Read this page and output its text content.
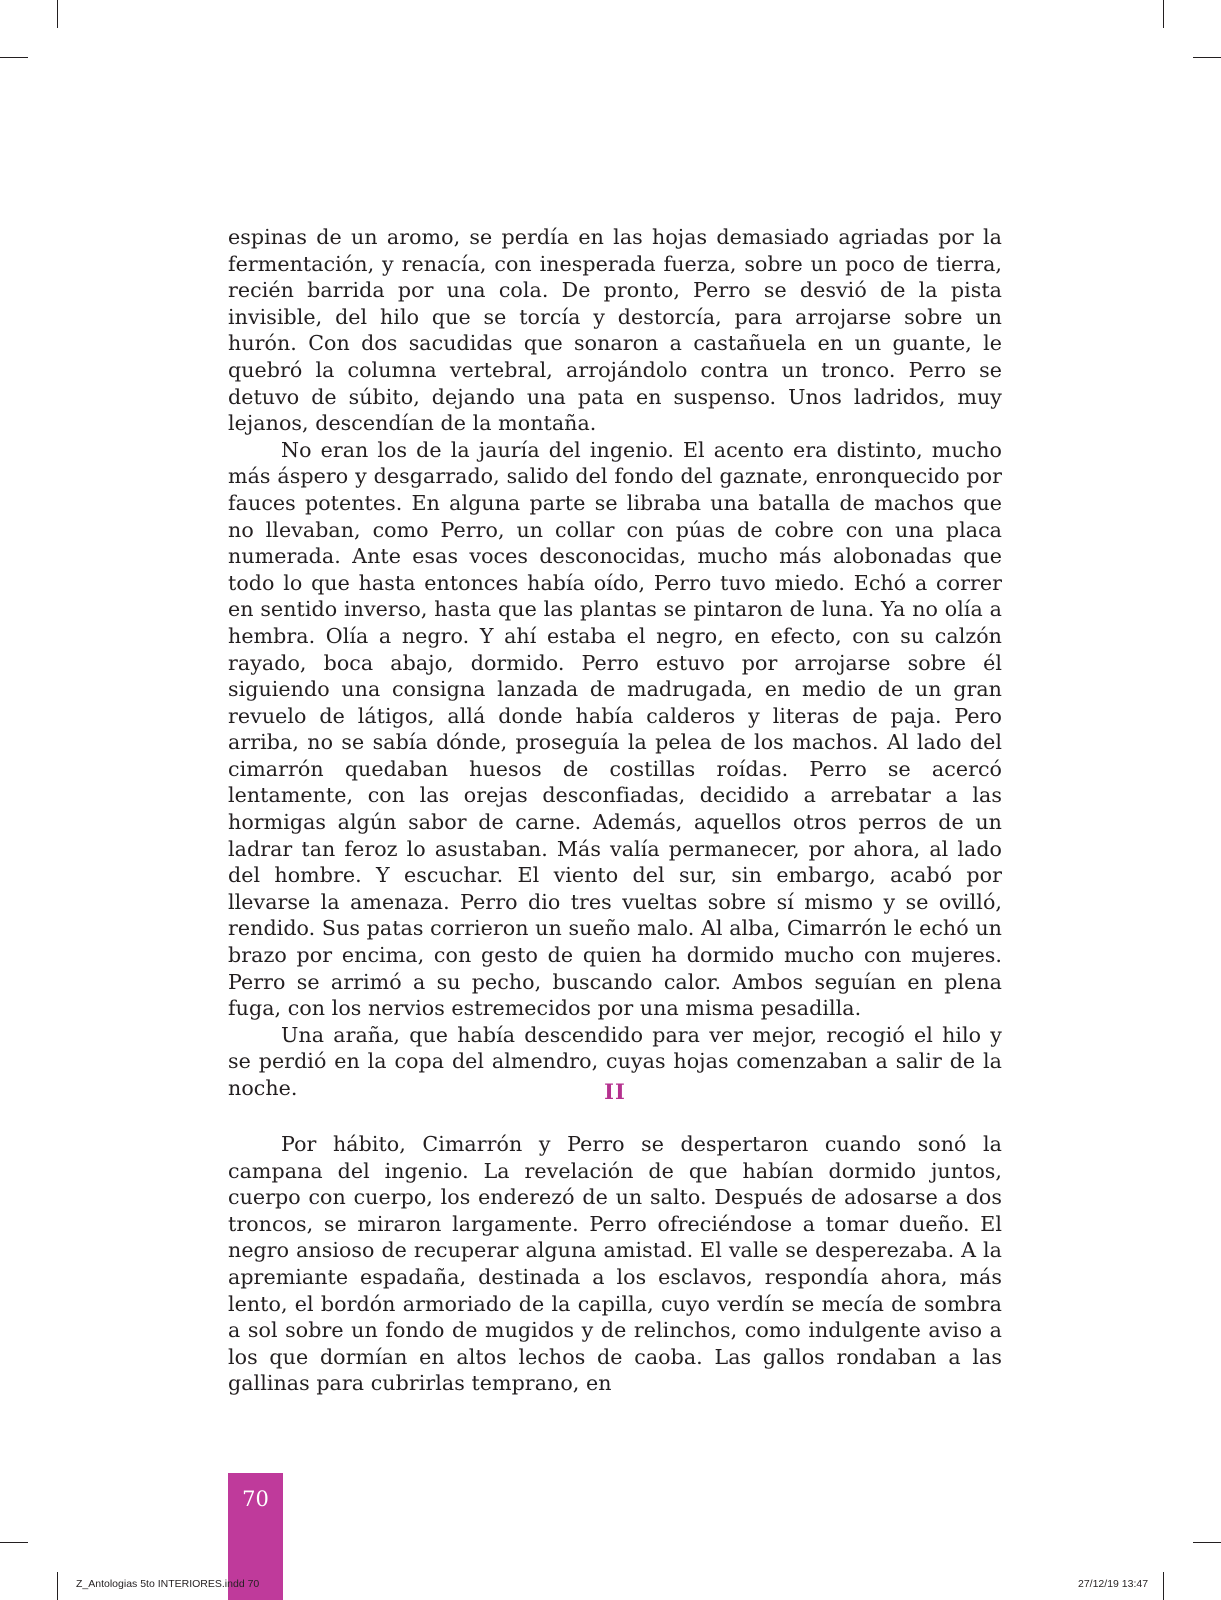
espinas de un aromo, se perdía en las hojas demasiado agriadas por la fermentación, y renacía, con inesperada fuerza, sobre un poco de tierra, recién barrida por una cola. De pronto, Perro se desvió de la pista invisible, del hilo que se torcía y destorcía, para arrojarse sobre un hurón. Con dos sacudidas que sonaron a castañuela en un guante, le quebró la columna vertebral, arrojándolo contra un tronco. Perro se detuvo de súbito, dejando una pata en suspenso. Unos ladridos, muy lejanos, descendían de la montaña.

No eran los de la jauría del ingenio. El acento era distinto, mucho más áspero y desgarrado, salido del fondo del gaznate, enronquecido por fauces potentes. En alguna parte se libraba una batalla de machos que no llevaban, como Perro, un collar con púas de cobre con una placa numerada. Ante esas voces desconocidas, mucho más alobonadas que todo lo que hasta entonces había oído, Perro tuvo miedo. Echó a correr en sentido inverso, hasta que las plantas se pintaron de luna. Ya no olía a hembra. Olía a negro. Y ahí estaba el negro, en efecto, con su calzón rayado, boca abajo, dormido. Perro estuvo por arrojarse sobre él siguiendo una consigna lanzada de madrugada, en medio de un gran revuelo de látigos, allá donde había calderos y literas de paja. Pero arriba, no se sabía dónde, proseguía la pelea de los machos. Al lado del cimarrón quedaban huesos de costillas roídas. Perro se acercó lentamente, con las orejas desconfiadas, decidido a arrebatar a las hormigas algún sabor de carne. Además, aquellos otros perros de un ladrar tan feroz lo asustaban. Más valía permanecer, por ahora, al lado del hombre. Y escuchar. El viento del sur, sin embargo, acabó por llevarse la amenaza. Perro dio tres vueltas sobre sí mismo y se ovilló, rendido. Sus patas corrieron un sueño malo. Al alba, Cimarrón le echó un brazo por encima, con gesto de quien ha dormido mucho con mujeres. Perro se arrimó a su pecho, buscando calor. Ambos seguían en plena fuga, con los nervios estremecidos por una misma pesadilla.

Una araña, que había descendido para ver mejor, recogió el hilo y se perdió en la copa del almendro, cuyas hojas comenzaban a salir de la noche.	II

Por hábito, Cimarrón y Perro se despertaron cuando sonó la campana del ingenio. La revelación de que habían dormido juntos, cuerpo con cuerpo, los enderezó de un salto. Después de adosarse a dos troncos, se miraron largamente. Perro ofreciéndose a tomar dueño. El negro ansioso de recuperar alguna amistad. El valle se desperezaba. A la apremiante espadaña, destinada a los esclavos, respondía ahora, más lento, el bordón armoriado de la capilla, cuyo verdín se mecía de sombra a sol sobre un fondo de mugidos y de relinchos, como indulgente aviso a los que dormían en altos lechos de caoba. Las gallos rondaban a las gallinas para cubrirlas temprano, en

70
Z_Antologias 5to INTERIORES.indd 70	27/12/19 13:47
